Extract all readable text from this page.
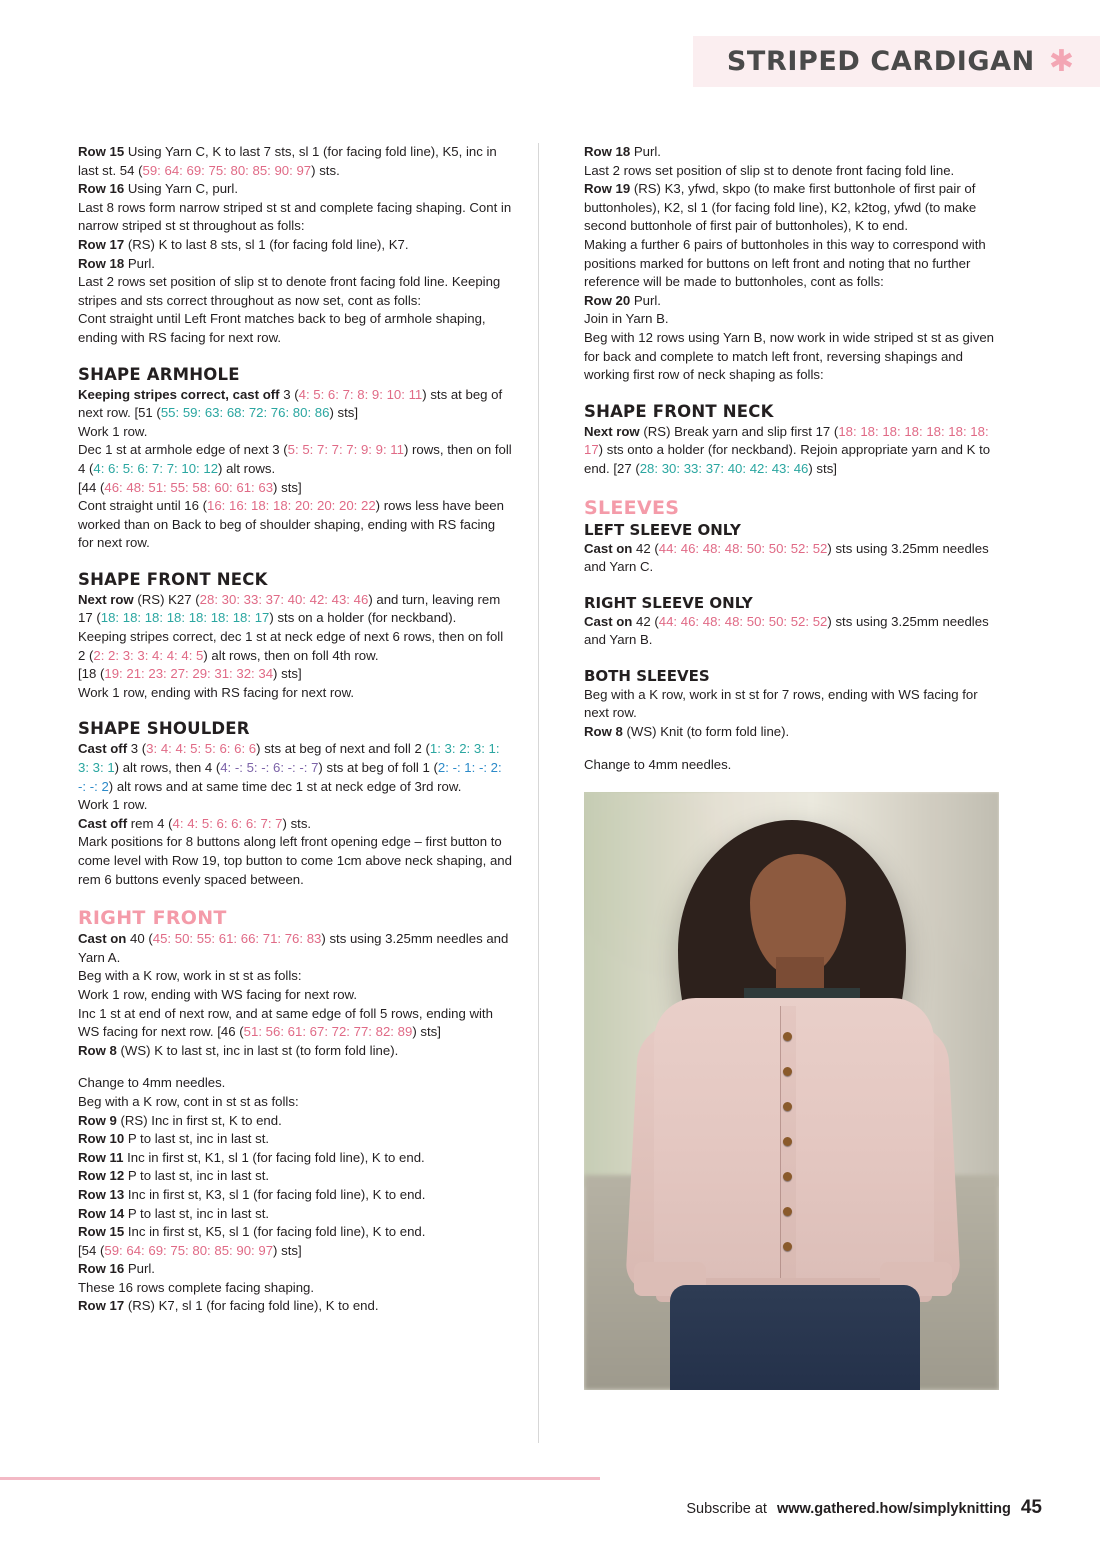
STRIPED CARDIGAN ✱

Row 15 Using Yarn C, K to last 7 sts, sl 1 (for facing fold line), K5, inc in last st. 54 (59: 64: 69: 75: 80: 85: 90: 97) sts.

Row 16 Using Yarn C, purl.

Last 8 rows form narrow striped st st and complete facing shaping. Cont in narrow striped st st throughout as folls:

Row 17 (RS) K to last 8 sts, sl 1 (for facing fold line), K7.

Row 18 Purl.

Last 2 rows set position of slip st to denote front facing fold line. Keeping stripes and sts correct throughout as now set, cont as folls:

Cont straight until Left Front matches back to beg of armhole shaping, ending with RS facing for next row.

SHAPE ARMHOLE

Keeping stripes correct, cast off 3 (4: 5: 6: 7: 8: 9: 10: 11) sts at beg of next row. [51 (55: 59: 63: 68: 72: 76: 80: 86) sts]

Work 1 row.

Dec 1 st at armhole edge of next 3 (5: 5: 7: 7: 7: 9: 9: 11) rows, then on foll 4 (4: 6: 5: 6: 7: 7: 10: 12) alt rows.

[44 (46: 48: 51: 55: 58: 60: 61: 63) sts]

Cont straight until 16 (16: 16: 18: 18: 20: 20: 20: 22) rows less have been worked than on Back to beg of shoulder shaping, ending with RS facing for next row.

SHAPE FRONT NECK

Next row (RS) K27 (28: 30: 33: 37: 40: 42: 43: 46) and turn, leaving rem 17 (18: 18: 18: 18: 18: 18: 18: 17) sts on a holder (for neckband).

Keeping stripes correct, dec 1 st at neck edge of next 6 rows, then on foll 2 (2: 2: 3: 3: 4: 4: 4: 5) alt rows, then on foll 4th row.

[18 (19: 21: 23: 27: 29: 31: 32: 34) sts]

Work 1 row, ending with RS facing for next row.

SHAPE SHOULDER

Cast off 3 (3: 4: 4: 5: 5: 6: 6: 6) sts at beg of next and foll 2 (1: 3: 2: 3: 1: 3: 3: 1) alt rows, then 4 (4: -: 5: -: 6: -: -: 7) sts at beg of foll 1 (2: -: 1: -: 2: -: -: 2) alt rows and at same time dec 1 st at neck edge of 3rd row.

Work 1 row.

Cast off rem 4 (4: 4: 5: 6: 6: 6: 7: 7) sts.

Mark positions for 8 buttons along left front opening edge – first button to come level with Row 19, top button to come 1cm above neck shaping, and rem 6 buttons evenly spaced between.

RIGHT FRONT

Cast on 40 (45: 50: 55: 61: 66: 71: 76: 83) sts using 3.25mm needles and Yarn A.

Beg with a K row, work in st st as folls:

Work 1 row, ending with WS facing for next row.

Inc 1 st at end of next row, and at same edge of foll 5 rows, ending with WS facing for next row. [46 (51: 56: 61: 67: 72: 77: 82: 89) sts]

Row 8 (WS) K to last st, inc in last st (to form fold line).

Change to 4mm needles.

Beg with a K row, cont in st st as folls:

Row 9 (RS) Inc in first st, K to end.

Row 10 P to last st, inc in last st.

Row 11 Inc in first st, K1, sl 1 (for facing fold line), K to end.

Row 12 P to last st, inc in last st.

Row 13 Inc in first st, K3, sl 1 (for facing fold line), K to end.

Row 14 P to last st, inc in last st.

Row 15 Inc in first st, K5, sl 1 (for facing fold line), K to end.

[54 (59: 64: 69: 75: 80: 85: 90: 97) sts]

Row 16 Purl.

These 16 rows complete facing shaping.

Row 17 (RS) K7, sl 1 (for facing fold line), K to end.

Row 18 Purl.

Last 2 rows set position of slip st to denote front facing fold line.

Row 19 (RS) K3, yfwd, skpo (to make first buttonhole of first pair of buttonholes), K2, sl 1 (for facing fold line), K2, k2tog, yfwd (to make second buttonhole of first pair of buttonholes), K to end.

Making a further 6 pairs of buttonholes in this way to correspond with positions marked for buttons on left front and noting that no further reference will be made to buttonholes, cont as folls:

Row 20 Purl.

Join in Yarn B.

Beg with 12 rows using Yarn B, now work in wide striped st st as given for back and complete to match left front, reversing shapings and working first row of neck shaping as folls:

SHAPE FRONT NECK

Next row (RS) Break yarn and slip first 17 (18: 18: 18: 18: 18: 18: 18: 17) sts onto a holder (for neckband). Rejoin appropriate yarn and K to end. [27 (28: 30: 33: 37: 40: 42: 43: 46) sts]

SLEEVES
LEFT SLEEVE ONLY

Cast on 42 (44: 46: 48: 48: 50: 50: 52: 52) sts using 3.25mm needles and Yarn C.

RIGHT SLEEVE ONLY

Cast on 42 (44: 46: 48: 48: 50: 50: 52: 52) sts using 3.25mm needles and Yarn B.

BOTH SLEEVES

Beg with a K row, work in st st for 7 rows, ending with WS facing for next row.

Row 8 (WS) Knit (to form fold line).

Change to 4mm needles.

Subscribe at www.gathered.how/simplyknitting 45
